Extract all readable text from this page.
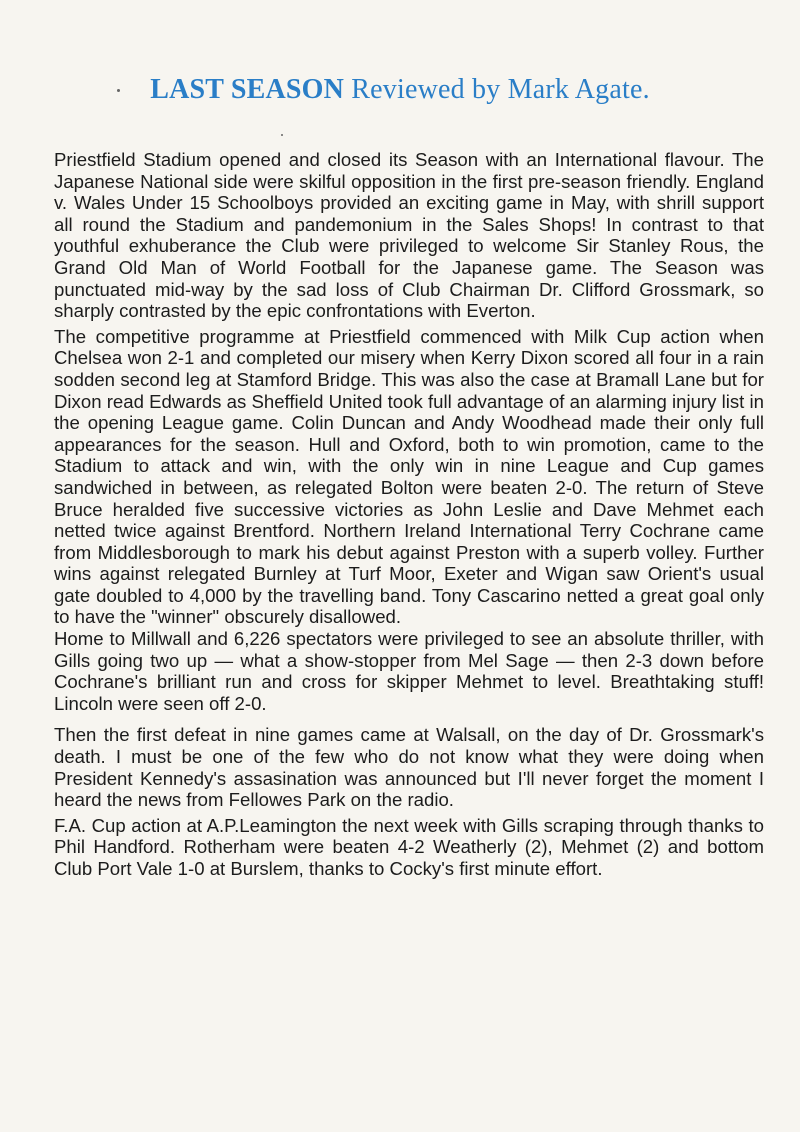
LAST SEASON Reviewed by Mark Agate.

Priestfield Stadium opened and closed its Season with an International flavour. The Japanese National side were skilful opposition in the first pre-season friendly. England v. Wales Under 15 Schoolboys provided an exciting game in May, with shrill support all round the Stadium and pandemonium in the Sales Shops! In contrast to that youthful exhuberance the Club were privileged to welcome Sir Stanley Rous, the Grand Old Man of World Football for the Japanese game. The Season was punctuated mid-way by the sad loss of Club Chairman Dr. Clifford Grossmark, so sharply contrasted by the epic confrontations with Everton.

The competitive programme at Priestfield commenced with Milk Cup action when Chelsea won 2-1 and completed our misery when Kerry Dixon scored all four in a rain sodden second leg at Stamford Bridge. This was also the case at Bramall Lane but for Dixon read Edwards as Sheffield United took full advantage of an alarming injury list in the opening League game. Colin Duncan and Andy Woodhead made their only full appearances for the season. Hull and Oxford, both to win promotion, came to the Stadium to attack and win, with the only win in nine League and Cup games sandwiched in between, as relegated Bolton were beaten 2-0. The return of Steve Bruce heralded five successive victories as John Leslie and Dave Mehmet each netted twice against Brentford. Northern Ireland International Terry Cochrane came from Middlesborough to mark his debut against Preston with a superb volley. Further wins against relegated Burnley at Turf Moor, Exeter and Wigan saw Orient's usual gate doubled to 4,000 by the travelling band. Tony Cascarino netted a great goal only to have the "winner" obscurely disallowed.

Home to Millwall and 6,226 spectators were privileged to see an absolute thriller, with Gills going two up — what a show-stopper from Mel Sage — then 2-3 down before Cochrane's brilliant run and cross for skipper Mehmet to level. Breathtaking stuff! Lincoln were seen off 2-0.

Then the first defeat in nine games came at Walsall, on the day of Dr. Grossmark's death. I must be one of the few who do not know what they were doing when President Kennedy's assasination was announced but I'll never forget the moment I heard the news from Fellowes Park on the radio.

F.A. Cup action at A.P.Leamington the next week with Gills scraping through thanks to Phil Handford. Rotherham were beaten 4-2 Weatherly (2), Mehmet (2) and bottom Club Port Vale 1-0 at Burslem, thanks to Cocky's first minute effort.
